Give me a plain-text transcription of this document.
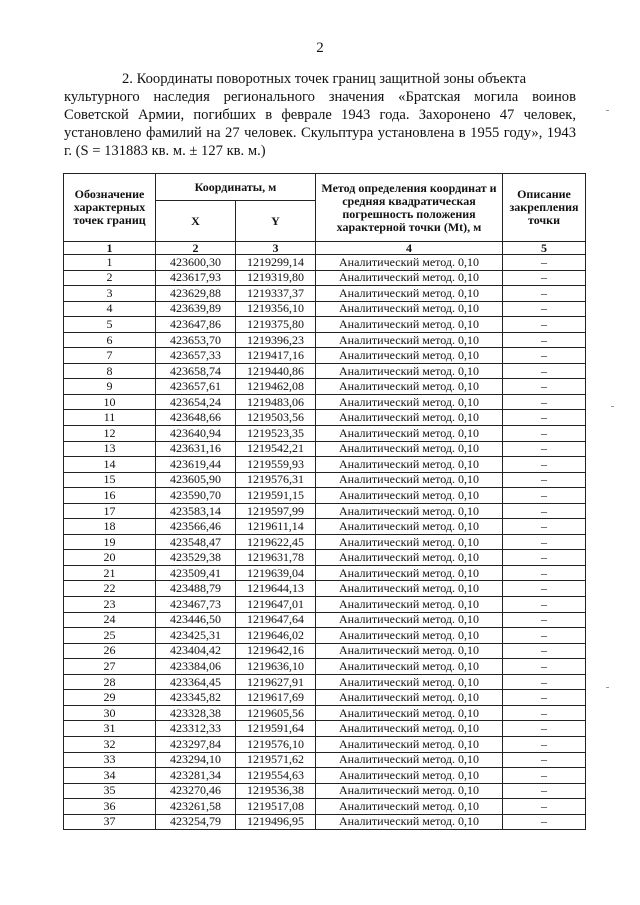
2
2. Координаты поворотных точек границ защитной зоны объекта
культурного наследия регионального значения «Братская могила воинов Советской Армии, погибших в феврале 1943 года. Захоронено 47 человек, установлено фамилий на 27 человек. Скульптура установлена в 1955 году», 1943 г. (S = 131883 кв. м. ± 127 кв. м.)
Обозначение характерных точек границ	Координаты, м		Метод определения координат и средняя квадратическая погрешность положения характерной точки (Mt), м	Описание закрепления точки
	X	Y		
1	2	3	4	5
1	423600,30	1219299,14	Аналитический метод. 0,10	–
2	423617,93	1219319,80	Аналитический метод. 0,10	–
3	423629,88	1219337,37	Аналитический метод. 0,10	–
4	423639,89	1219356,10	Аналитический метод. 0,10	–
5	423647,86	1219375,80	Аналитический метод. 0,10	–
6	423653,70	1219396,23	Аналитический метод. 0,10	–
7	423657,33	1219417,16	Аналитический метод. 0,10	–
8	423658,74	1219440,86	Аналитический метод. 0,10	–
9	423657,61	1219462,08	Аналитический метод. 0,10	–
10	423654,24	1219483,06	Аналитический метод. 0,10	–
11	423648,66	1219503,56	Аналитический метод. 0,10	–
12	423640,94	1219523,35	Аналитический метод. 0,10	–
13	423631,16	1219542,21	Аналитический метод. 0,10	–
14	423619,44	1219559,93	Аналитический метод. 0,10	–
15	423605,90	1219576,31	Аналитический метод. 0,10	–
16	423590,70	1219591,15	Аналитический метод. 0,10	–
17	423583,14	1219597,99	Аналитический метод. 0,10	–
18	423566,46	1219611,14	Аналитический метод. 0,10	–
19	423548,47	1219622,45	Аналитический метод. 0,10	–
20	423529,38	1219631,78	Аналитический метод. 0,10	–
21	423509,41	1219639,04	Аналитический метод. 0,10	–
22	423488,79	1219644,13	Аналитический метод. 0,10	–
23	423467,73	1219647,01	Аналитический метод. 0,10	–
24	423446,50	1219647,64	Аналитический метод. 0,10	–
25	423425,31	1219646,02	Аналитический метод. 0,10	–
26	423404,42	1219642,16	Аналитический метод. 0,10	–
27	423384,06	1219636,10	Аналитический метод. 0,10	–
28	423364,45	1219627,91	Аналитический метод. 0,10	–
29	423345,82	1219617,69	Аналитический метод. 0,10	–
30	423328,38	1219605,56	Аналитический метод. 0,10	–
31	423312,33	1219591,64	Аналитический метод. 0,10	–
32	423297,84	1219576,10	Аналитический метод. 0,10	–
33	423294,10	1219571,62	Аналитический метод. 0,10	–
34	423281,34	1219554,63	Аналитический метод. 0,10	–
35	423270,46	1219536,38	Аналитический метод. 0,10	–
36	423261,58	1219517,08	Аналитический метод. 0,10	–
37	423254,79	1219496,95	Аналитический метод. 0,10	–
